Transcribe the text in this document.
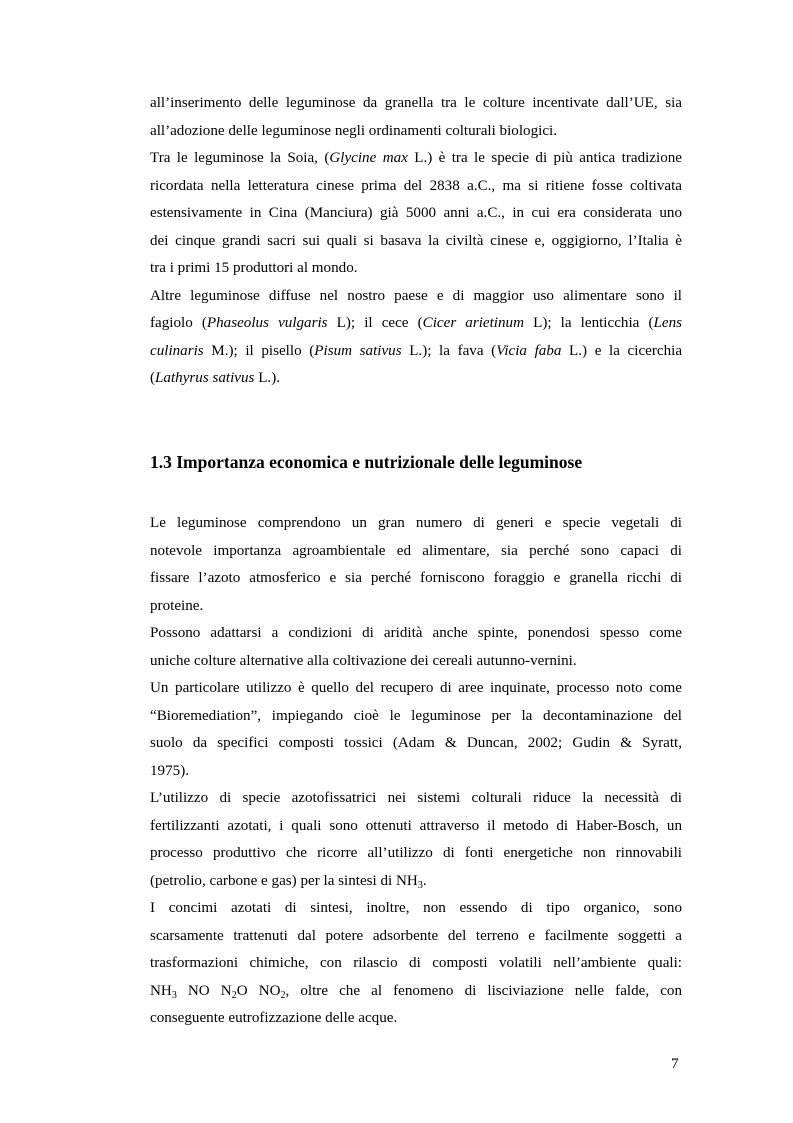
all’inserimento delle leguminose da granella tra le colture incentivate dall’UE, sia
all’adozione delle leguminose negli ordinamenti colturali biologici.
Tra le leguminose la Soia, (Glycine max L.) è tra le specie di più antica tradizione
ricordata nella letteratura cinese prima del 2838 a.C., ma si ritiene fosse coltivata
estensivamente in Cina (Manciura) già 5000 anni a.C., in cui era considerata uno
dei cinque grandi sacri sui quali si basava la civiltà cinese e, oggigiorno, l’Italia è
tra i primi 15 produttori al mondo.
Altre leguminose diffuse nel nostro paese e di maggior uso alimentare sono il
fagiolo (Phaseolus vulgaris L); il cece (Cicer arietinum L); la lenticchia (Lens
culinaris M.); il pisello (Pisum sativus L.); la fava (Vicia faba L.) e la cicerchia
(Lathyrus sativus L.).
1.3 Importanza economica e nutrizionale delle leguminose
Le leguminose comprendono un gran numero di generi e specie vegetali di
notevole importanza agroambientale ed alimentare, sia perché sono capaci di
fissare l’azoto atmosferico e sia perché forniscono foraggio e granella ricchi di
proteine.
Possono adattarsi a condizioni di aridità anche spinte, ponendosi spesso come
uniche colture alternative alla coltivazione dei cereali autunno-vernini.
Un particolare utilizzo è quello del recupero di aree inquinate, processo noto come
“Bioremediation”, impiegando cioè le leguminose per la decontaminazione del
suolo da specifici composti tossici (Adam & Duncan, 2002; Gudin & Syratt,
1975).
L’utilizzo di specie azotofissatrici nei sistemi colturali riduce la necessità di
fertilizzanti azotati, i quali sono ottenuti attraverso il metodo di Haber-Bosch, un
processo produttivo che ricorre all’utilizzo di fonti energetiche non rinnovabili
(petrolio, carbone e gas) per la sintesi di $NH_3$.
I concimi azotati di sintesi, inoltre, non essendo di tipo organico, sono
scarsamente trattenuti dal potere adsorbente del terreno e facilmente soggetti a
trasformazioni chimiche, con rilascio di composti volatili nell’ambiente quali:
$NH_3$ NO $N_2O$ $NO_2$, oltre che al fenomeno di lisciviazione nelle falde, con
conseguente eutrofizzazione delle acque.
7
